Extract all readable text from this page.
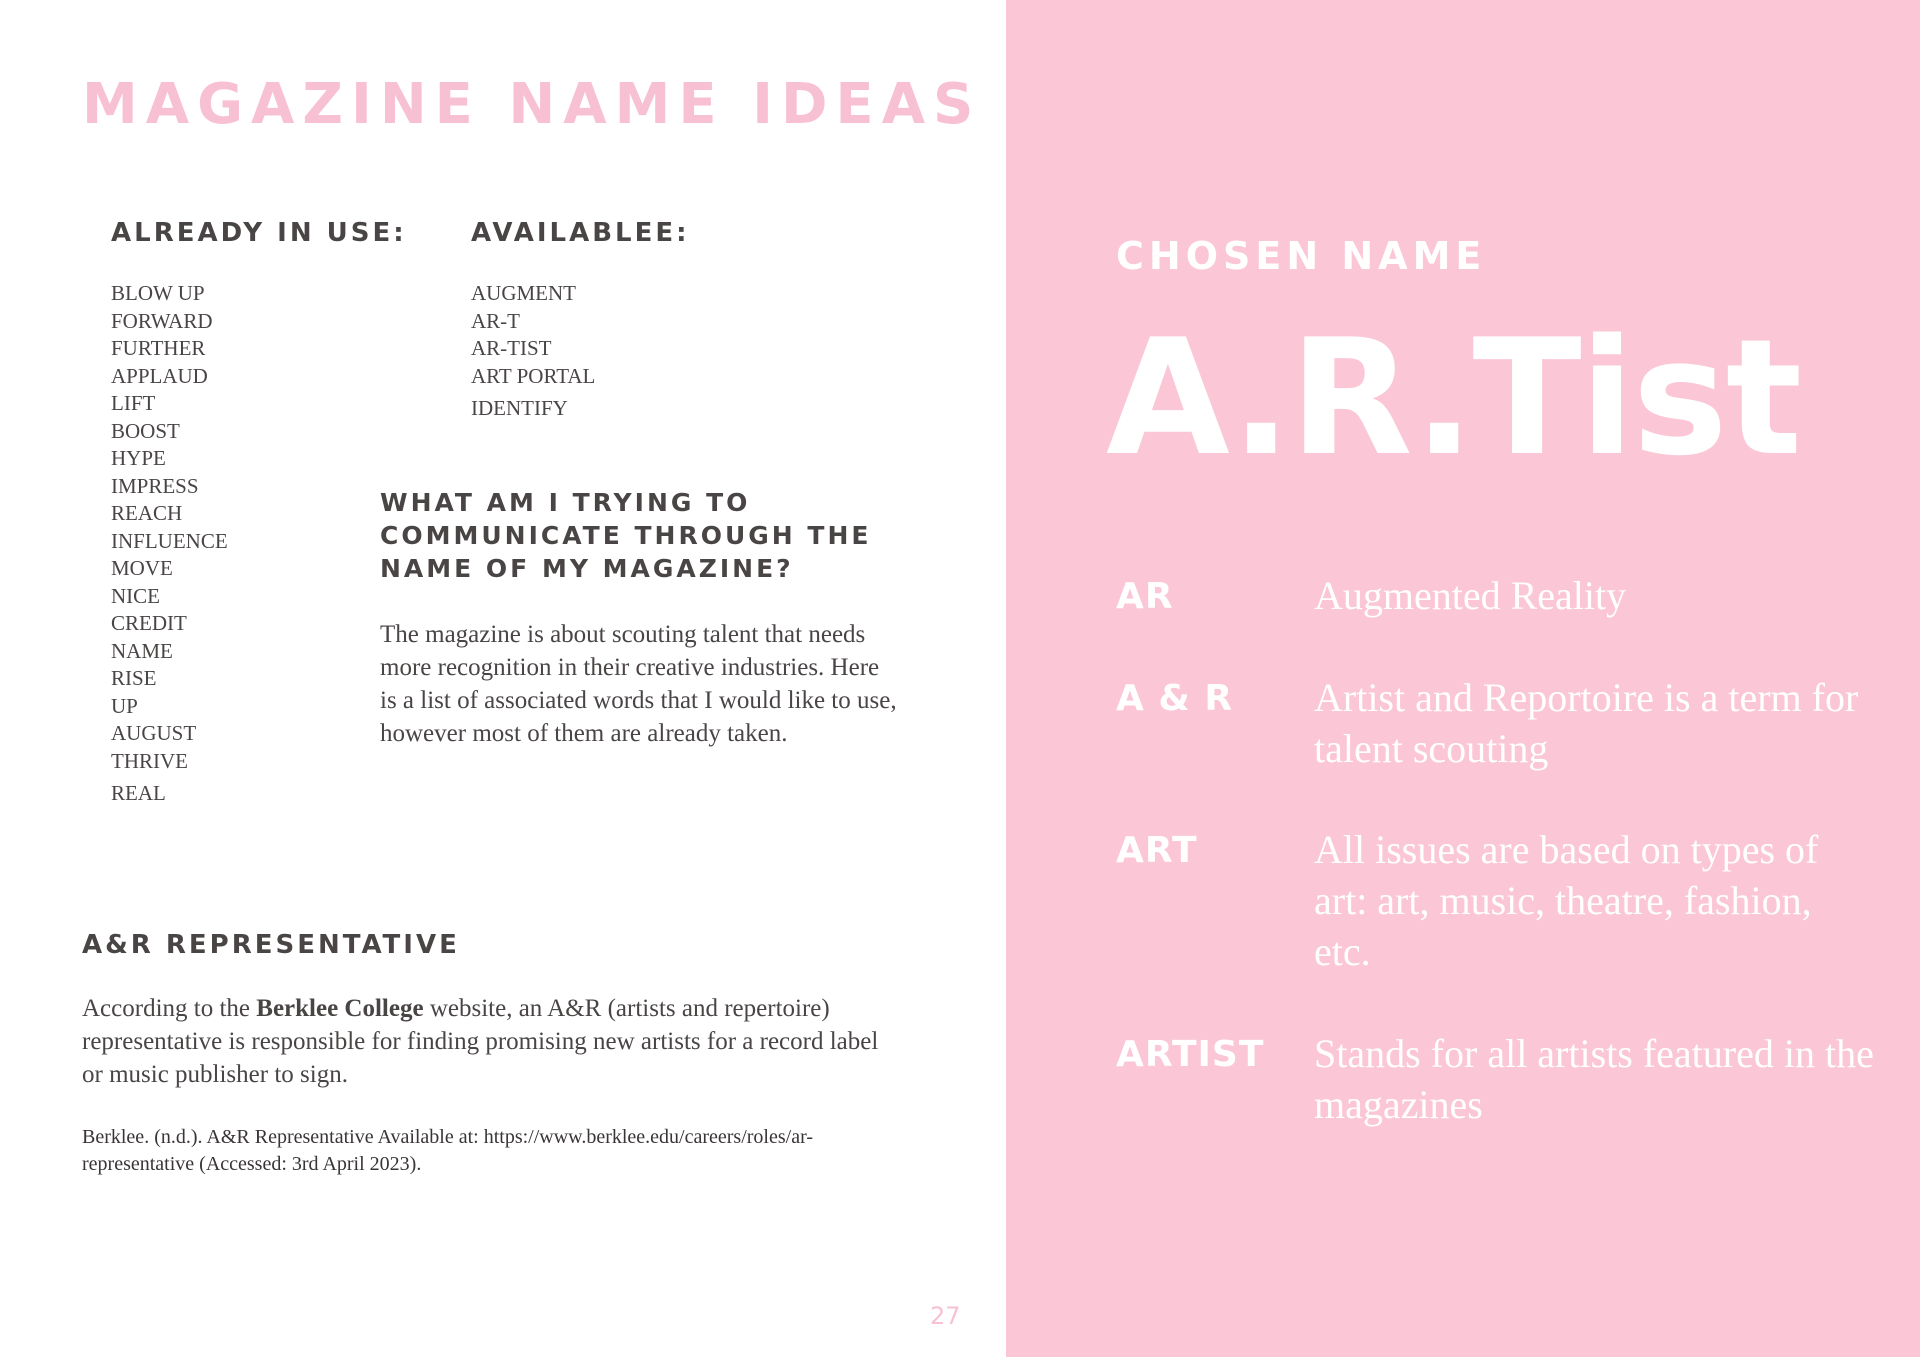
MAGAZINE NAME IDEAS
ALREADY IN USE: AVAILABLEE:
BLOW UP
FORWARD
FURTHER
APPLAUD
LIFT
BOOST
HYPE
IMPRESS
REACH
INFLUENCE
MOVE
NICE
CREDIT
NAME
RISE
UP
AUGUST
THRIVE
REAL
AUGMENT
AR-T
AR-TIST
ART PORTAL
IDENTIFY
WHAT AM I TRYING TO COMMUNICATE THROUGH THE NAME OF MY MAGAZINE?

The magazine is about scouting talent that needs more recognition in their creative industries. Here is a list of associated words that I would like to use, however most of them are already taken.

A&R REPRESENTATIVE

According to the Berklee College website, an A&R (artists and repertoire) representative is responsible for finding promising new artists for a record label or music publisher to sign.

Berklee. (n.d.). A&R Representative Available at: https://www.berklee.edu/careers/roles/ar-representative (Accessed: 3rd April 2023).

27

CHOSEN NAME
A.R.Tist
AR	Augmented Reality
A & R Artist and Reportoire is a term for talent scouting
ART	All issues are based on types of art: art, music, theatre, fashion, etc.
ARTIST Stands for all artists featured in the magazines
